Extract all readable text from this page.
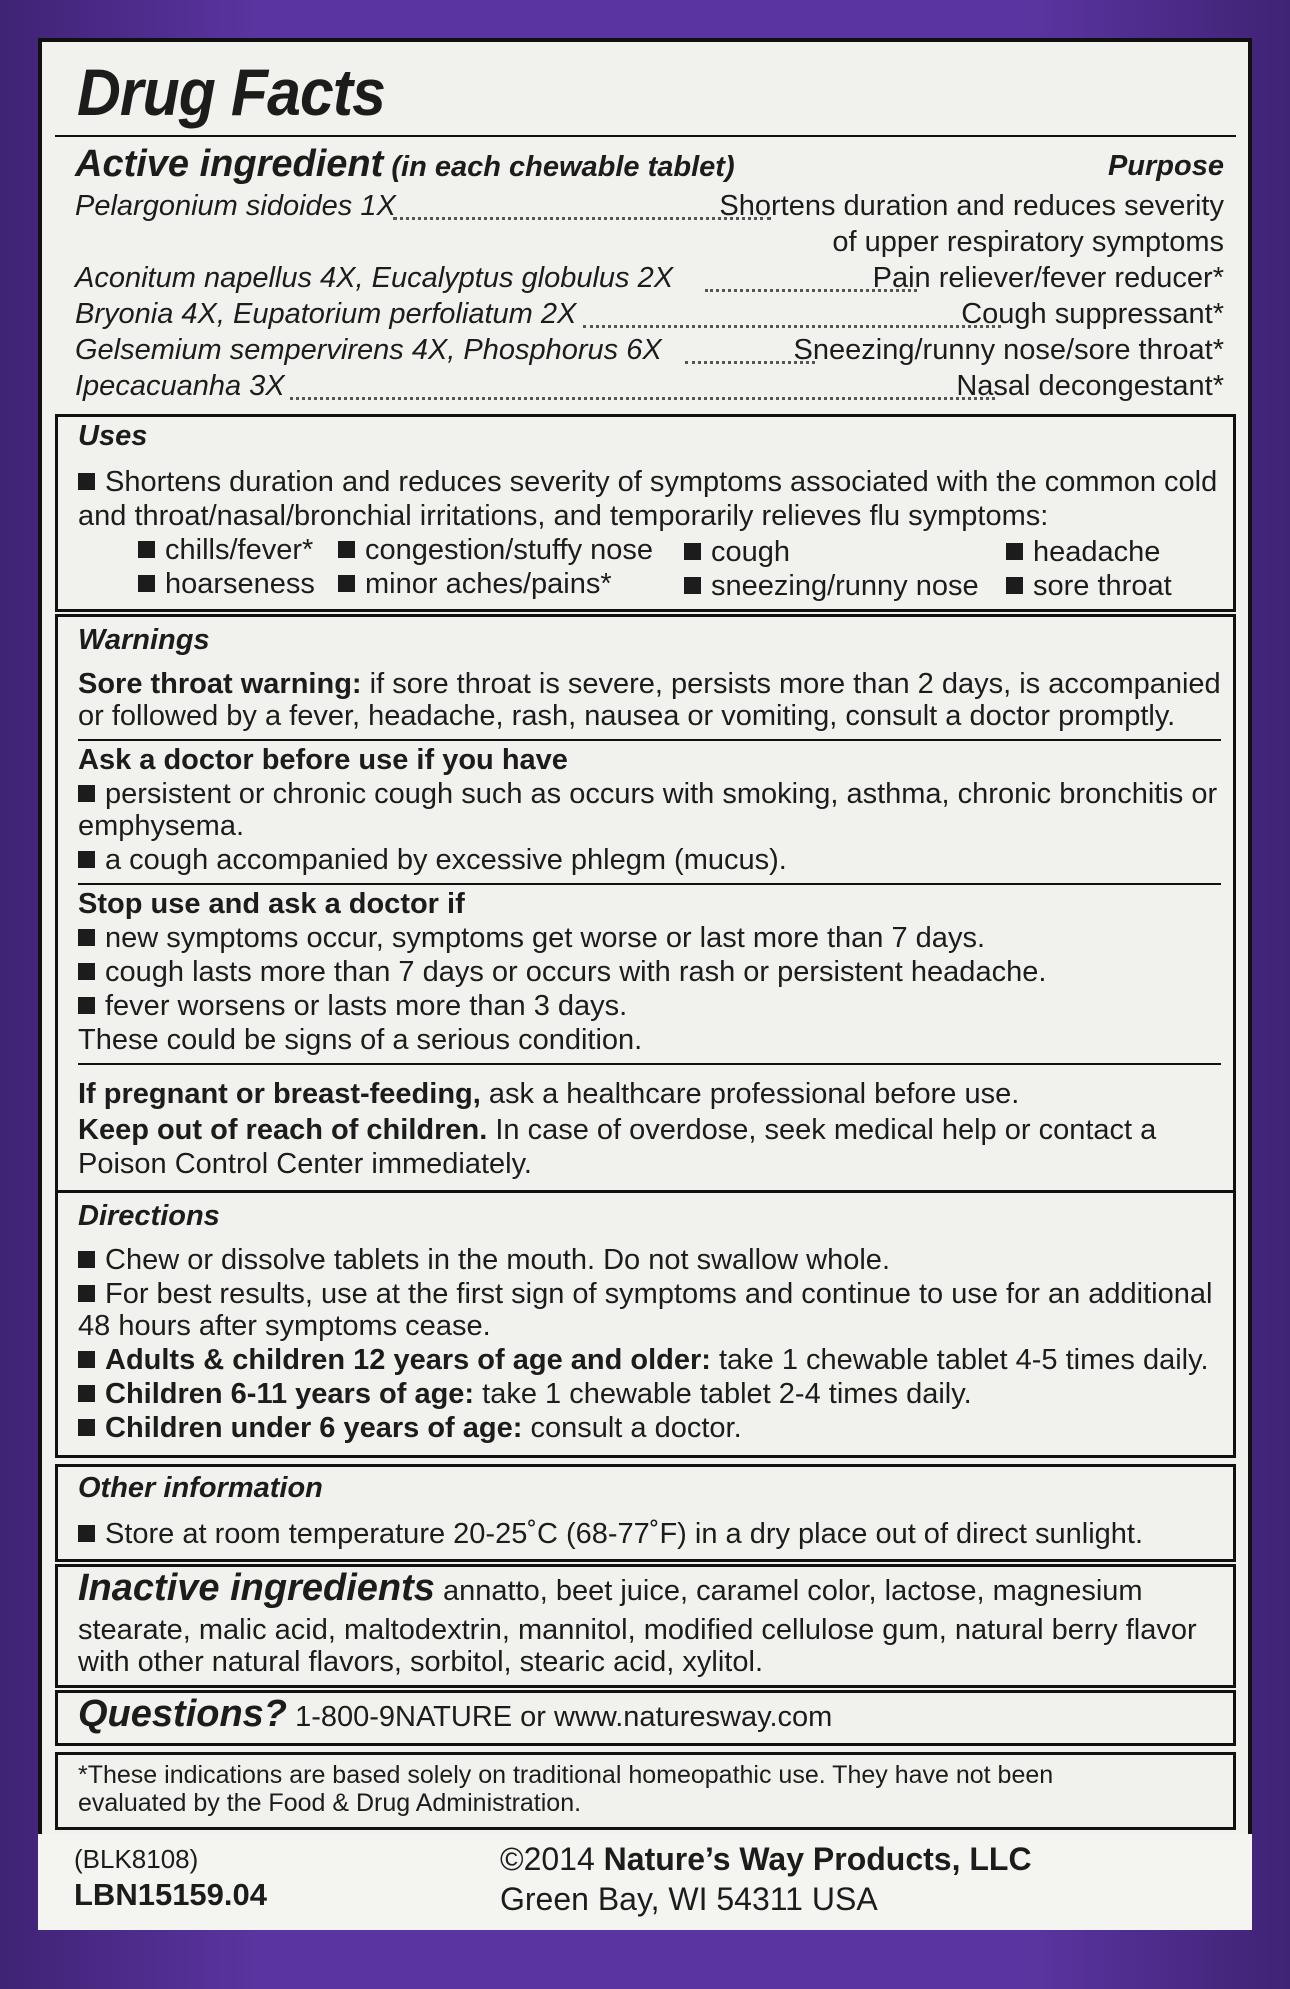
Drug Facts
Active ingredient (in each chewable tablet)	Purpose
Pelargonium sidoides 1X	Shortens duration and reduces severity
of upper respiratory symptoms
Aconitum napellus 4X, Eucalyptus globulus 2X	Pain reliever/fever reducer*
Bryonia 4X, Eupatorium perfoliatum 2X	Cough suppressant*
Gelsemium sempervirens 4X, Phosphorus 6X	Sneezing/runny nose/sore throat*
Ipecacuanha 3X	Nasal decongestant*
Uses
Shortens duration and reduces severity of symptoms associated with the common cold
and throat/nasal/bronchial irritations, and temporarily relieves flu symptoms:
chills/fever*	congestion/stuffy nose	cough	headache
hoarseness	minor aches/pains*	sneezing/runny nose	sore throat
Warnings
Sore throat warning: if sore throat is severe, persists more than 2 days, is accompanied
or followed by a fever, headache, rash, nausea or vomiting, consult a doctor promptly.
Ask a doctor before use if you have
persistent or chronic cough such as occurs with smoking, asthma, chronic bronchitis or
emphysema.
a cough accompanied by excessive phlegm (mucus).
Stop use and ask a doctor if
new symptoms occur, symptoms get worse or last more than 7 days.
cough lasts more than 7 days or occurs with rash or persistent headache.
fever worsens or lasts more than 3 days.
These could be signs of a serious condition.
If pregnant or breast-feeding, ask a healthcare professional before use.
Keep out of reach of children. In case of overdose, seek medical help or contact a
Poison Control Center immediately.
Directions
Chew or dissolve tablets in the mouth. Do not swallow whole.
For best results, use at the first sign of symptoms and continue to use for an additional
48 hours after symptoms cease.
Adults & children 12 years of age and older: take 1 chewable tablet 4-5 times daily.
Children 6-11 years of age: take 1 chewable tablet 2-4 times daily.
Children under 6 years of age: consult a doctor.
Other information
Store at room temperature 20-25˚C (68-77˚F) in a dry place out of direct sunlight.
Inactive ingredients annatto, beet juice, caramel color, lactose, magnesium
stearate, malic acid, maltodextrin, mannitol, modified cellulose gum, natural berry flavor
with other natural flavors, sorbitol, stearic acid, xylitol.
Questions? 1-800-9NATURE or www.naturesway.com
*These indications are based solely on traditional homeopathic use. They have not been
evaluated by the Food & Drug Administration.
(BLK8108)
LBN15159.04
©2014 Nature’s Way Products, LLC
Green Bay, WI 54311 USA
